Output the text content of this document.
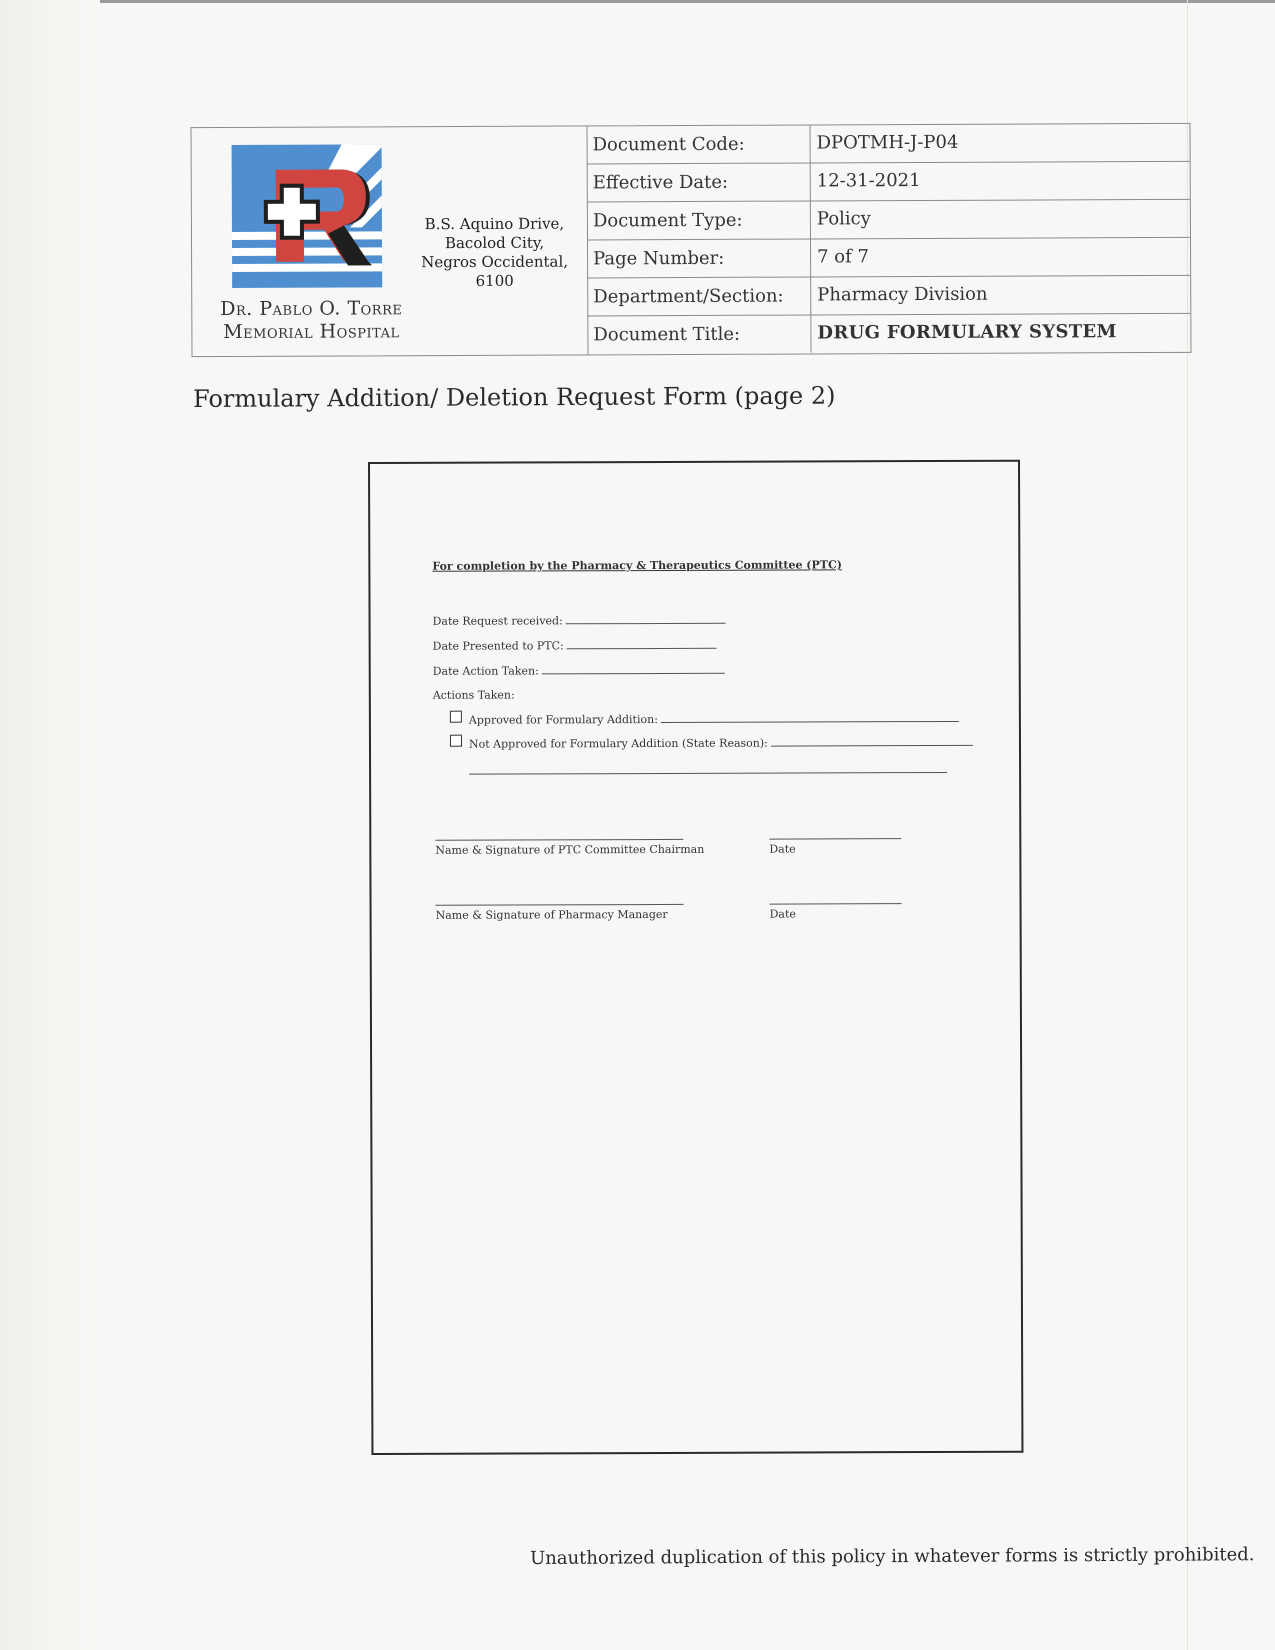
Dr. Pablo O. Torre
Memorial Hospital
B.S. Aquino Drive,
Bacolod City,
Negros Occidental,
6100
Document Code:	DPOTMH-J-P04
Effective Date:	12-31-2021
Document Type:	Policy
Page Number:	7 of 7
Department/Section:	Pharmacy Division
Document Title:	DRUG FORMULARY SYSTEM
Formulary Addition/ Deletion Request Form (page 2)
For completion by the Pharmacy & Therapeutics Committee (PTC)
Date Request received:
Date Presented to PTC:
Date Action Taken:
Actions Taken:
Approved for Formulary Addition:
Not Approved for Formulary Addition (State Reason):
Name & Signature of PTC Committee Chairman	Date
Name & Signature of Pharmacy Manager	Date
Unauthorized duplication of this policy in whatever forms is strictly prohibited.
